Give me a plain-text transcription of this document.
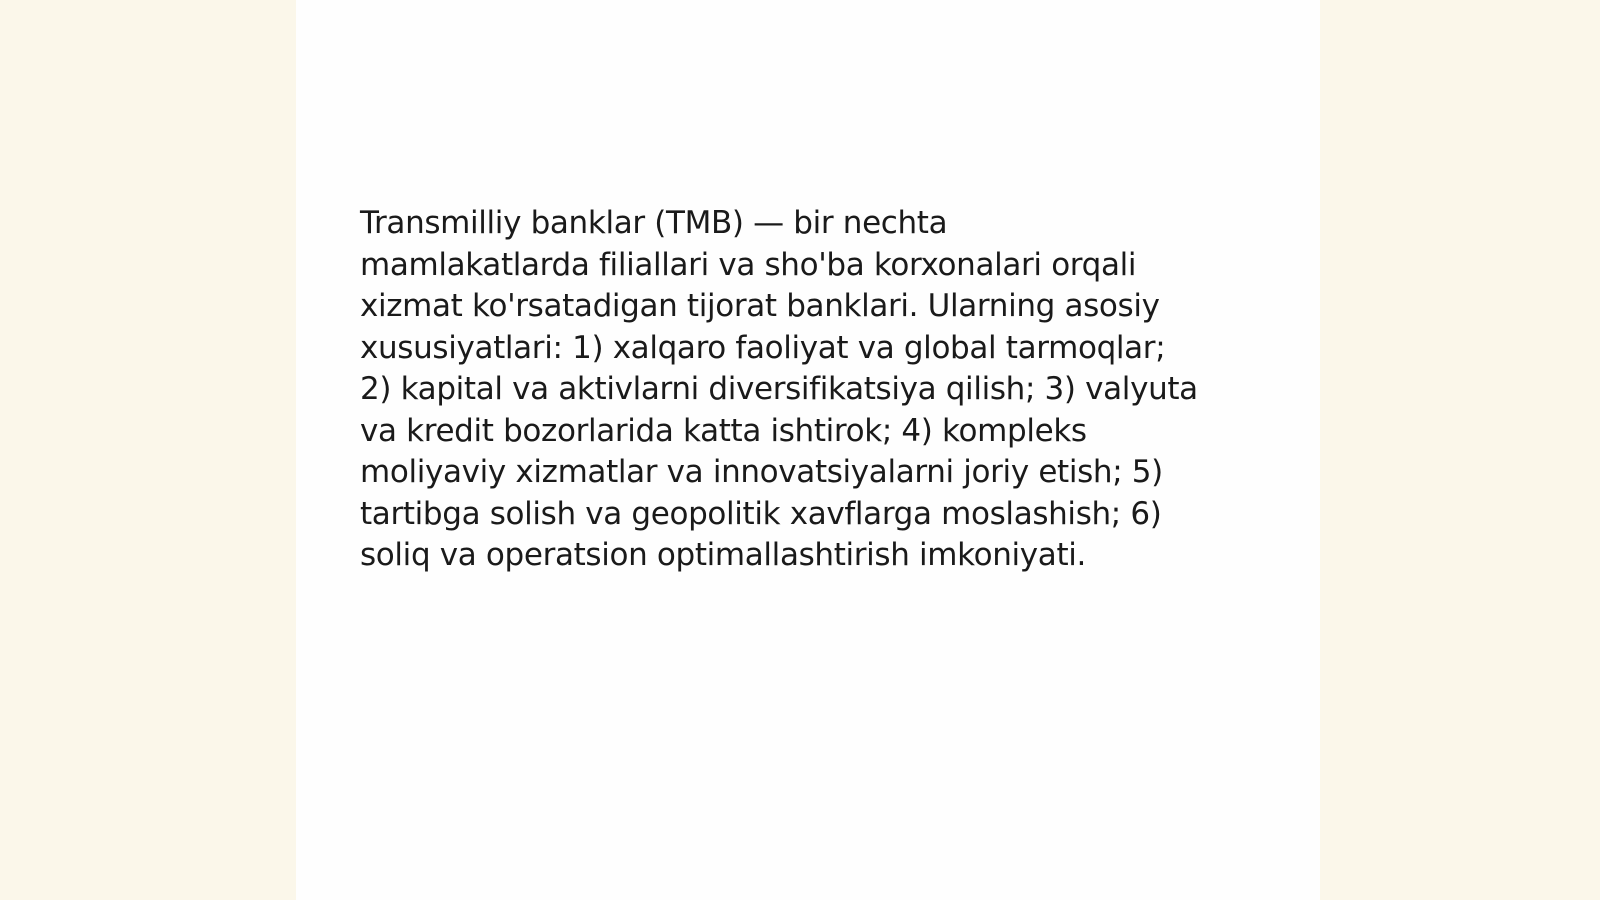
Transmilliy banklar (TMB) — bir nechta
mamlakatlarda filiallari va sho'ba korxonalari orqali
xizmat ko'rsatadigan tijorat banklari. Ularning asosiy
xususiyatlari: 1) xalqaro faoliyat va global tarmoqlar;
2) kapital va aktivlarni diversifikatsiya qilish; 3) valyuta
va kredit bozorlarida katta ishtirok; 4) kompleks
moliyaviy xizmatlar va innovatsiyalarni joriy etish; 5)
tartibga solish va geopolitik xavflarga moslashish; 6)
soliq va operatsion optimallashtirish imkoniyati.
